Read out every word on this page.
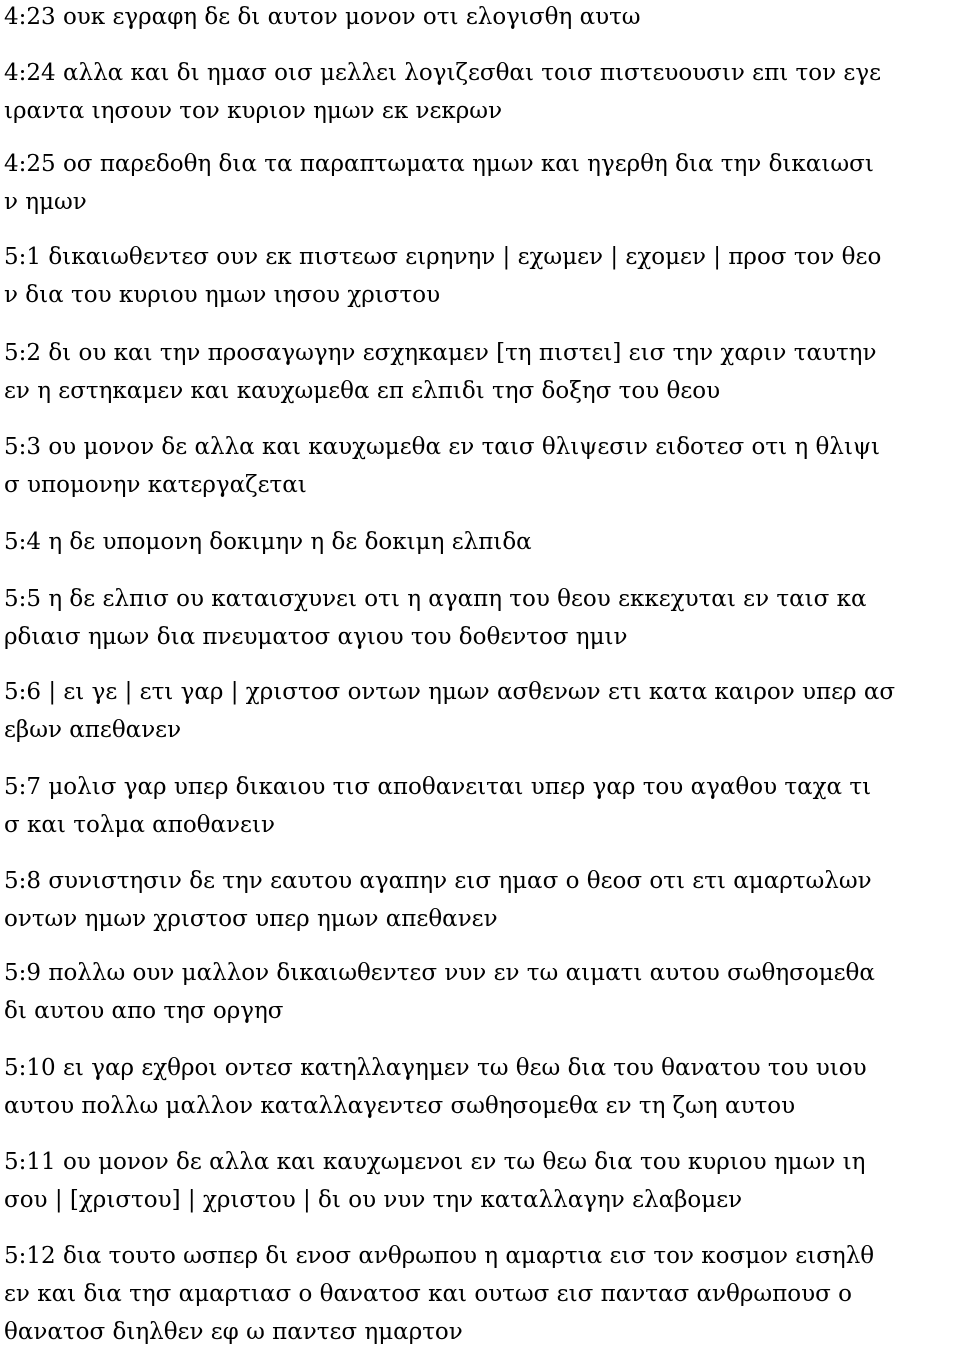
4:23 ουκ εγραφη δε δι αυτον μονον οτι ελογισθη αυτω

4:24 αλλα και δι ημασ οισ μελλει λογιζεσθαι τοισ πιστευουσιν επι τον εγε
ιραντα ιησουν τον κυριον ημων εκ νεκρων

4:25 οσ παρεδοθη δια τα παραπτωματα ημων και ηγερθη δια την δικαιωσι
ν ημων

5:1 δικαιωθεντεσ ουν εκ πιστεωσ ειρηνην | εχωμεν | εχομεν | προσ τον θεο
ν δια του κυριου ημων ιησου χριστου

5:2 δι ου και την προσαγωγην εσχηκαμεν [τη πιστει] εισ την χαριν ταυτην
εν η εστηκαμεν και καυχωμεθα επ ελπιδι τησ δοξησ του θεου

5:3 ου μονον δε αλλα και καυχωμεθα εν ταισ θλιψεσιν ειδοτεσ οτι η θλιψι
σ υπομονην κατεργαζεται

5:4 η δε υπομονη δοκιμην η δε δοκιμη ελπιδα

5:5 η δε ελπισ ου καταισχυνει οτι η αγαπη του θεου εκκεχυται εν ταισ κα
ρδιαισ ημων δια πνευματοσ αγιου του δοθεντοσ ημιν

5:6 | ει γε | ετι γαρ | χριστοσ οντων ημων ασθενων ετι κατα καιρον υπερ ασ
εβων απεθανεν

5:7 μολισ γαρ υπερ δικαιου τισ αποθανειται υπερ γαρ του αγαθου ταχα τι
σ και τολμα αποθανειν

5:8 συνιστησιν δε την εαυτου αγαπην εισ ημασ ο θεοσ οτι ετι αμαρτωλων
οντων ημων χριστοσ υπερ ημων απεθανεν

5:9 πολλω ουν μαλλον δικαιωθεντεσ νυν εν τω αιματι αυτου σωθησομεθα
δι αυτου απο τησ οργησ

5:10 ει γαρ εχθροι οντεσ κατηλλαγημεν τω θεω δια του θανατου του υιου
αυτου πολλω μαλλον καταλλαγεντεσ σωθησομεθα εν τη ζωη αυτου

5:11 ου μονον δε αλλα και καυχωμενοι εν τω θεω δια του κυριου ημων ιη
σου | [χριστου] | χριστου | δι ου νυν την καταλλαγην ελαβομεν

5:12 δια τουτο ωσπερ δι ενοσ ανθρωπου η αμαρτια εισ τον κοσμον εισηλθ
εν και δια τησ αμαρτιασ ο θανατοσ και ουτωσ εισ παντασ ανθρωπουσ ο
θανατοσ διηλθεν εφ ω παντεσ ημαρτον
